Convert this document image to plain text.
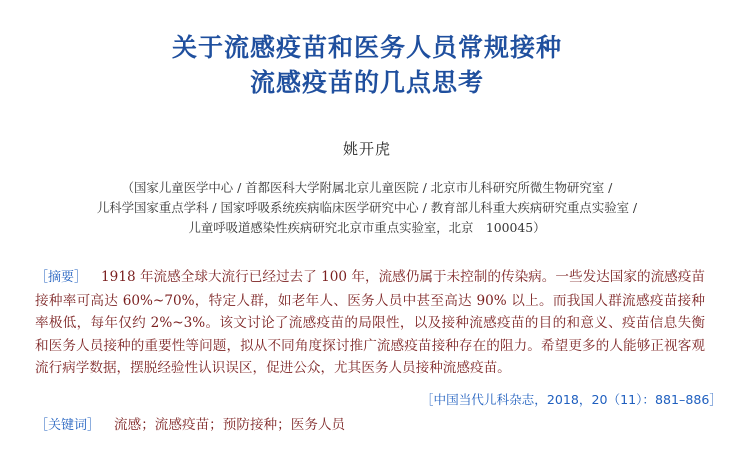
关于流感疫苗和医务人员常规接种
流感疫苗的几点思考
姚开虎
（国家儿童医学中心 / 首都医科大学附属北京儿童医院 / 北京市儿科研究所微生物研究室 /
儿科学国家重点学科 / 国家呼吸系统疾病临床医学研究中心 / 教育部儿科重大疾病研究重点实验室 /
儿童呼吸道感染性疾病研究北京市重点实验室，北京　100045）
［摘要］ 1918 年流感全球大流行已经过去了 100 年，流感仍属于未控制的传染病。一些发达国家的流感疫苗接种率可高达 60%~70%，特定人群，如老年人、医务人员中甚至高达 90% 以上。而我国人群流感疫苗接种率极低，每年仅约 2%~3%。该文讨论了流感疫苗的局限性，以及接种流感疫苗的目的和意义、疫苗信息失衡和医务人员接种的重要性等问题，拟从不同角度探讨推广流感疫苗接种存在的阻力。希望更多的人能够正视客观流行病学数据，摆脱经验性认识误区，促进公众，尤其医务人员接种流感疫苗。
［中国当代儿科杂志，2018，20（11）：881–886］
［关键词］ 流感；流感疫苗；预防接种；医务人员
